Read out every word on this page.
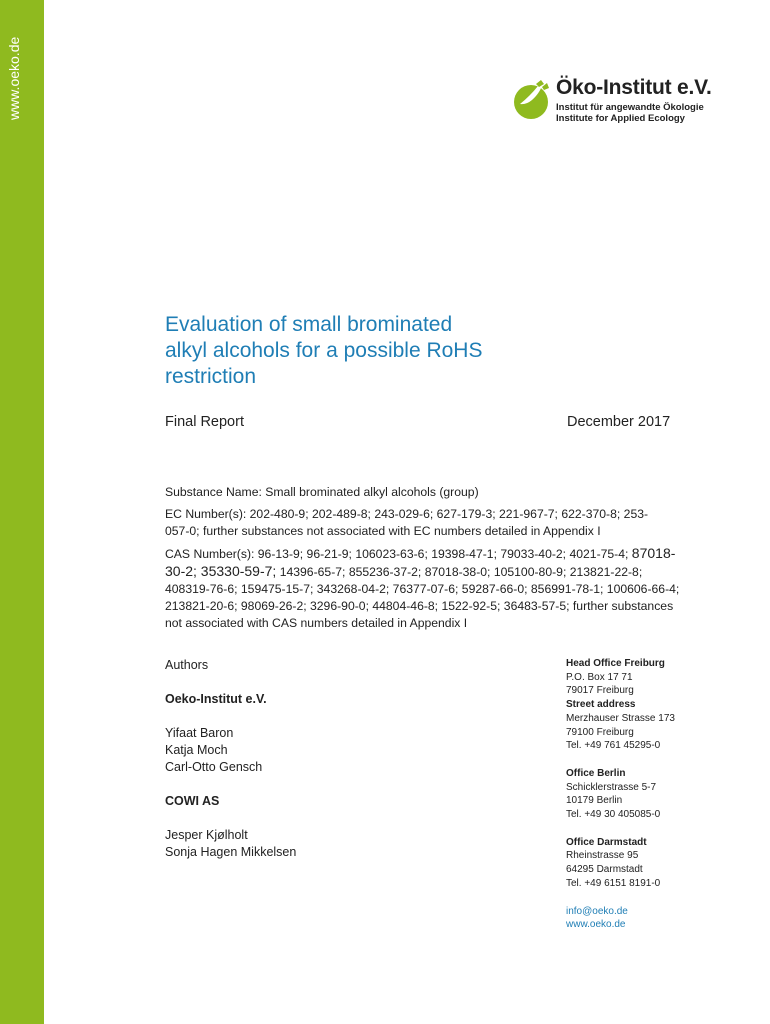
www.oeko.de	Öko-Institut e.V.
Institut für angewandte Ökologie
Institute for Applied Ecology
Evaluation of small brominated
alkyl alcohols for a possible RoHS
restriction
Final Report	December 2017

Substance Name: Small brominated alkyl alcohols (group)

EC Number(s): 202-480-9; 202-489-8; 243-029-6; 627-179-3; 221-967-7; 622-370-8; 253-

057-0; further substances not associated with EC numbers detailed in Appendix I

CAS Number(s): 96-13-9; 96-21-9; 106023-63-6; 19398-47-1; 79033-40-2; 4021-75-4; 87018-

30-2; 35330-59-7; 14396-65-7; 855236-37-2; 87018-38-0; 105100-80-9; 213821-22-8;

408319-76-6; 159475-15-7; 343268-04-2; 76377-07-6; 59287-66-0; 856991-78-1; 100606-66-4;

213821-20-6; 98069-26-2; 3296-90-0; 44804-46-8; 1522-92-5; 36483-57-5; further substances

not associated with CAS numbers detailed in Appendix I

Authors
Oeko-Institut e.V.
Yifaat Baron
Katja Moch
Carl-Otto Gensch
COWI AS
Jesper Kjølholt
Sonja Hagen Mikkelsen
Head Office Freiburg
P.O. Box 17 71
79017 Freiburg
Street address
Merzhauser Strasse 173
79100 Freiburg
Tel. +49 761 45295-0
Office Berlin
Schicklerstrasse 5-7
10179 Berlin
Tel. +49 30 405085-0
Office Darmstadt
Rheinstrasse 95
64295 Darmstadt
Tel. +49 6151 8191-0
info@oeko.de
www.oeko.de
